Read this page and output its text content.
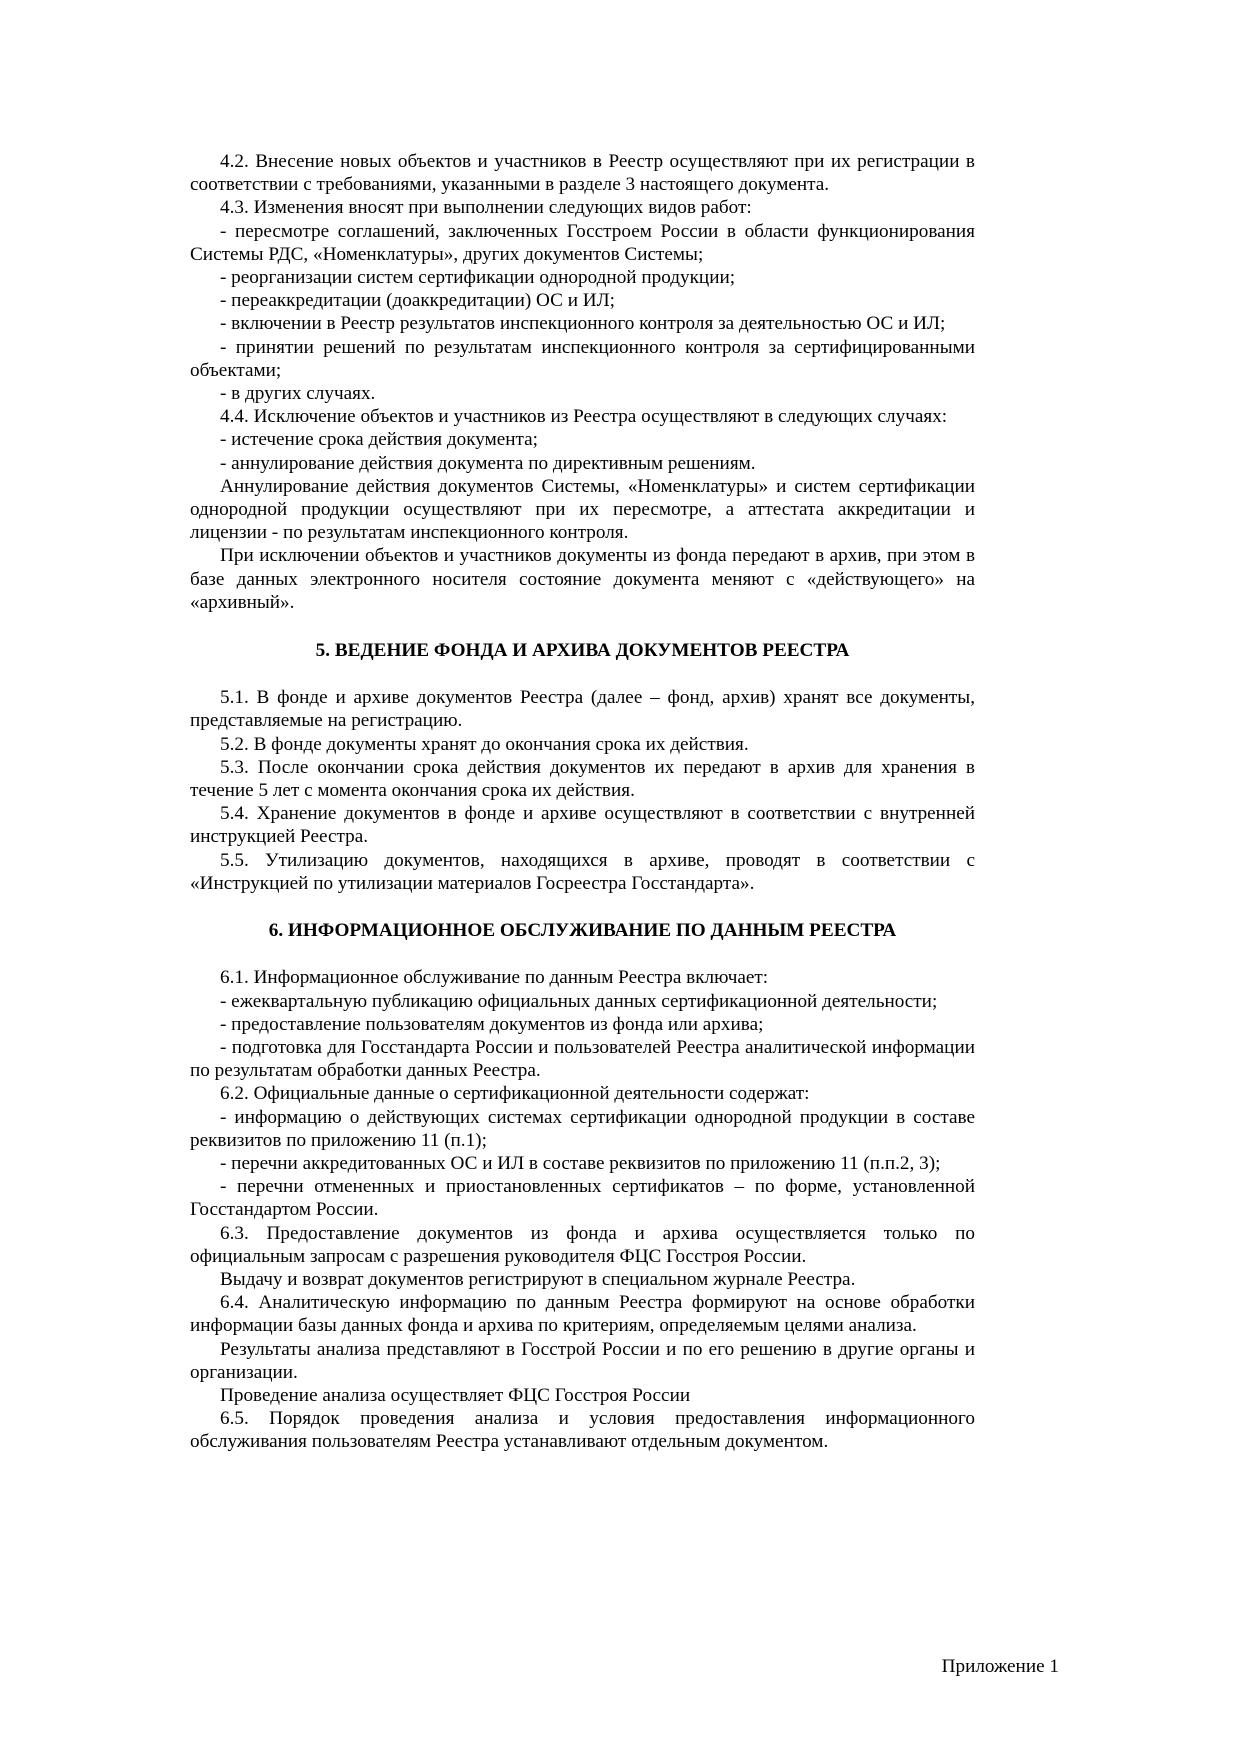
4.2. Внесение новых объектов и участников в Реестр осуществляют при их регистрации в соответствии с требованиями, указанными в разделе 3 настоящего документа.

4.3. Изменения вносят при выполнении следующих видов работ:

- пересмотре соглашений, заключенных Госстроем России в области функционирования Системы РДС, «Номенклатуры», других документов Системы;

- реорганизации систем сертификации однородной продукции;

- переаккредитации (доаккредитации) ОС и ИЛ;

- включении в Реестр результатов инспекционного контроля за деятельностью ОС и ИЛ;

- принятии решений по результатам инспекционного контроля за сертифицированными объектами;

- в других случаях.

4.4. Исключение объектов и участников из Реестра осуществляют в следующих случаях:

- истечение срока действия документа;

- аннулирование действия документа по директивным решениям.

Аннулирование действия документов Системы, «Номенклатуры» и систем сертификации однородной продукции осуществляют при их пересмотре, а аттестата аккредитации и лицензии - по результатам инспекционного контроля.

При исключении объектов и участников документы из фонда передают в архив, при этом в базе данных электронного носителя состояние документа меняют с «действующего» на «архивный».

5. ВЕДЕНИЕ ФОНДА И АРХИВА ДОКУМЕНТОВ РЕЕСТРА

5.1. В фонде и архиве документов Реестра (далее – фонд, архив) хранят все документы, представляемые на регистрацию.

5.2. В фонде документы хранят до окончания срока их действия.

5.3. После окончании срока действия документов их передают в архив для хранения в течение 5 лет с момента окончания срока их действия.

5.4. Хранение документов в фонде и архиве осуществляют в соответствии с внутренней инструкцией Реестра.

5.5. Утилизацию документов, находящихся в архиве, проводят в соответствии с «Инструкцией по утилизации материалов Госреестра Госстандарта».

6. ИНФОРМАЦИОННОЕ ОБСЛУЖИВАНИЕ ПО ДАННЫМ РЕЕСТРА

6.1. Информационное обслуживание по данным Реестра включает:

- ежеквартальную публикацию официальных данных сертификационной деятельности;

- предоставление пользователям документов из фонда или архива;

- подготовка для Госстандарта России и пользователей Реестра аналитической информации по результатам обработки данных Реестра.

6.2. Официальные данные о сертификационной деятельности содержат:

- информацию о действующих системах сертификации однородной продукции в составе реквизитов по приложению 11 (п.1);

- перечни аккредитованных ОС и ИЛ в составе реквизитов по приложению 11 (п.п.2, 3);

- перечни отмененных и приостановленных сертификатов – по форме, установленной Госстандартом России.

6.3. Предоставление документов из фонда и архива осуществляется только по официальным запросам с разрешения руководителя ФЦС Госстроя России.

Выдачу и возврат документов регистрируют в специальном журнале Реестра.

6.4. Аналитическую информацию по данным Реестра формируют на основе обработки информации базы данных фонда и архива по критериям, определяемым целями анализа.

Результаты анализа представляют в Госстрой России и по его решению в другие органы и организации.

Проведение анализа осуществляет ФЦС Госстроя России

6.5. Порядок проведения анализа и условия предоставления информационного обслуживания пользователям Реестра устанавливают отдельным документом.

Приложение 1
